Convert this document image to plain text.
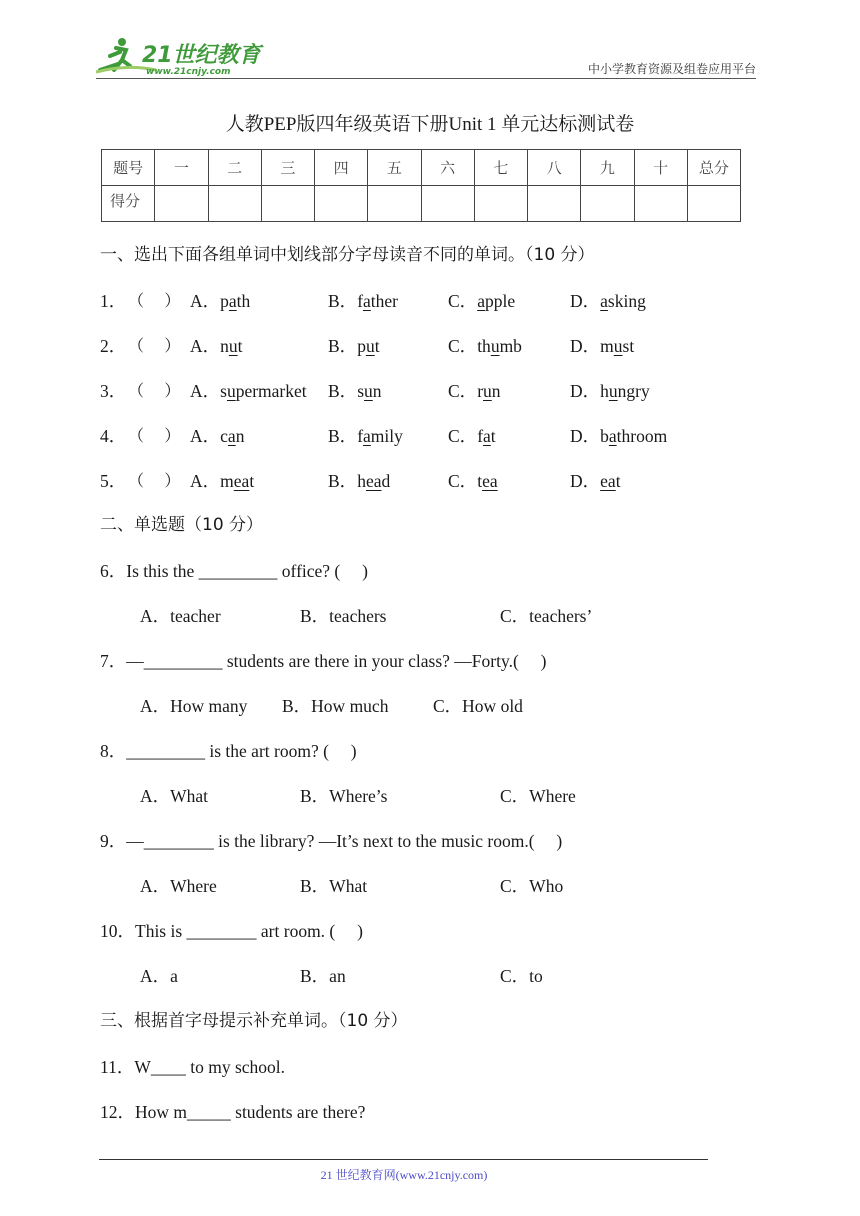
21世纪教育
www.21cnjy.com	中小学教育资源及组卷应用平台
人教PEP版四年级英语下册Unit 1 单元达标测试卷
题号	一	二	三	四	五	六	七	八	九	十	总分
得分											
一、选出下面各组单词中划线部分字母读音不同的单词。（10 分）
1． （    ） A．path	B．father	C．apple	D．asking
2． （    ） A．nut	B．put	C．thumb	D．must
3． （    ） A．supermarket B．sun	C．run	D．hungry
4． （    ） A．can	B．family	C．fat	D．bathroom
5． （    ） A．meat	B．head	C．tea	D．eat
二、单选题（10 分）
6．Is this the _________ office? (     )
A．teacher	B．teachers	C．teachers’
7．—_________ students are there in your class? —Forty.(     )
A．How many B．How much	C．How old
8．_________ is the art room? (     )
A．What	B．Where’s	C．Where
9．—________ is the library? —It’s next to the music room.(     )
A．Where	B．What	C．Who
10．This is ________ art room. (     )
A．a	B．an	C．to
三、根据首字母提示补充单词。（10 分）
11．W____ to my school.
12．How m_____ students are there?
21 世纪教育网(www.21cnjy.com)
